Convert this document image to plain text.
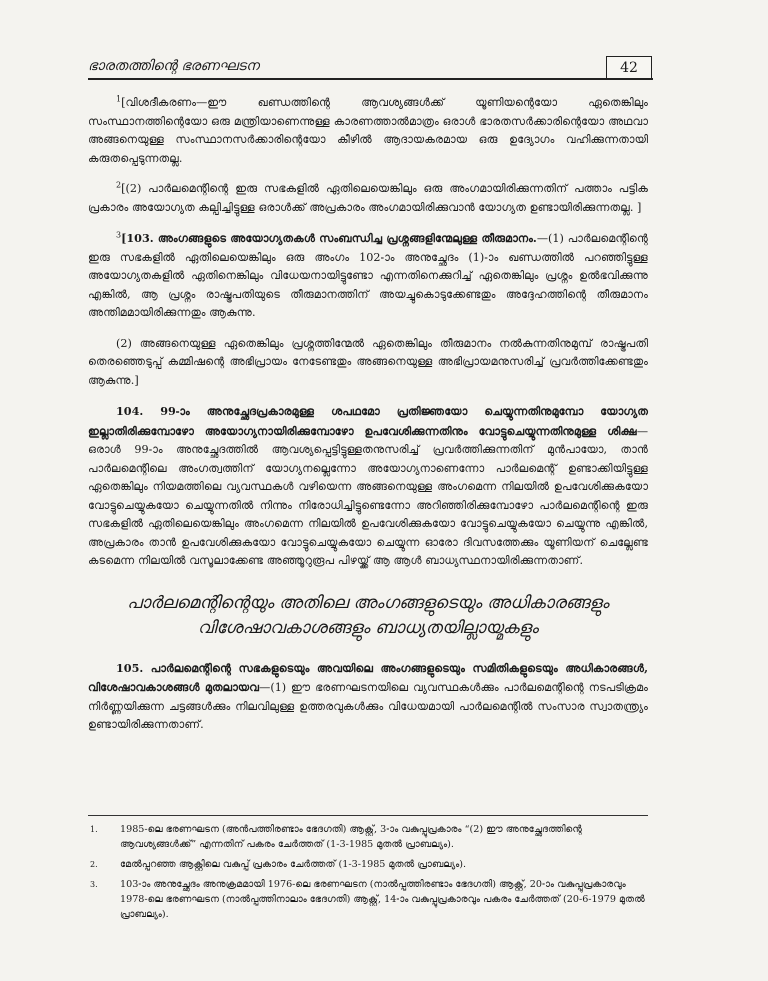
ഭാരതത്തിന്റെ ഭരണഘടന	42

$^1$[വിശദീകരണം—ഈ ഖണ്ഡത്തിന്റെ ആവശ്യങ്ങൾക്ക് യൂണിയന്റെയോ ഏതെങ്കിലും സംസ്ഥാനത്തിന്റെയോ ഒരു മന്ത്രിയാണെന്നുള്ള കാരണത്താൽമാത്രം ഒരാൾ ഭാരതസർക്കാരിന്റെയോ അഥവാ അങ്ങനെയുള്ള സംസ്ഥാനസർക്കാരിന്റെയോ കീഴിൽ ആദായകരമായ ഒരു ഉദ്യോഗം വഹിക്കുന്നതായി കരുതപ്പെടുന്നതല്ല.

$^2$[(2) പാർലമെന്റിന്റെ ഇരു സഭകളിൽ ഏതിലെയെങ്കിലും ഒരു അംഗമായിരിക്കുന്നതിന് പത്താം പട്ടിക പ്രകാരം അയോഗ്യത കല്പിച്ചിട്ടുള്ള ഒരാൾക്ക് അപ്രകാരം അംഗമായിരിക്കുവാൻ യോഗ്യത ഉണ്ടായിരിക്കുന്നതല്ല. ]

$^3$[103. അംഗങ്ങളുടെ അയോഗ്യതകൾ സംബന്ധിച്ച പ്രശ്നങ്ങളിന്മേലുള്ള തീരുമാനം.—(1) പാർലമെന്റിന്റെ ഇരു സഭകളിൽ ഏതിലെയെങ്കിലും ഒരു അംഗം 102-ാം അനുച്ഛേദം (1)-ാം ഖണ്ഡത്തിൽ പറഞ്ഞിട്ടുള്ള അയോഗ്യതകളിൽ ഏതിനെങ്കിലും വിധേയനായിട്ടുണ്ടോ എന്നതിനെക്കുറിച്ച് ഏതെങ്കിലും പ്രശ്നം ഉൽഭവിക്കുന്നു എങ്കിൽ, ആ പ്രശ്നം രാഷ്ട്രപതിയുടെ തീരുമാനത്തിന് അയച്ചുകൊടുക്കേണ്ടതും അദ്ദേഹത്തിന്റെ തീരുമാനം അന്തിമമായിരിക്കുന്നതും ആകുന്നു.

(2) അങ്ങനെയുള്ള ഏതെങ്കിലും പ്രശ്നത്തിന്മേൽ ഏതെങ്കിലും തീരുമാനം നൽകുന്നതിനുമുമ്പ് രാഷ്ട്രപതി തെരഞ്ഞെടുപ്പ് കമ്മിഷന്റെ അഭിപ്രായം നേടേണ്ടതും അങ്ങനെയുള്ള അഭിപ്രായമനുസരിച്ച് പ്രവർത്തിക്കേണ്ടതും ആകുന്നു.]

104. 99-ാം അനുച്ഛേദപ്രകാരമുള്ള ശപഥമോ പ്രതിജ്ഞയോ ചെയ്യുന്നതിനുമുമ്പോ യോഗ്യത ഇല്ലാതിരിക്കുമ്പോഴോ അയോഗ്യനായിരിക്കുമ്പോഴോ ഉപവേശിക്കുന്നതിനും വോട്ടുചെയ്യുന്നതിനുമുള്ള ശിക്ഷ—ഒരാൾ 99-ാം അനുച്ഛേദത്തിൽ ആവശ്യപ്പെട്ടിട്ടുള്ളതനുസരിച്ച് പ്രവർത്തിക്കുന്നതിന് മുൻപായോ, താൻ പാർലമെന്റിലെ അംഗത്വത്തിന് യോഗ്യനല്ലെന്നോ അയോഗ്യനാണെന്നോ പാർലമെന്റ് ഉണ്ടാക്കിയിട്ടുള്ള ഏതെങ്കിലും നിയമത്തിലെ വ്യവസ്ഥകൾ വഴിയെന്ന അങ്ങനെയുള്ള അംഗമെന്ന നിലയിൽ ഉപവേശിക്കുകയോ വോട്ടുചെയ്യുകയോ ചെയ്യുന്നതിൽ നിന്നും നിരോധിച്ചിട്ടുണ്ടെന്നോ അറിഞ്ഞിരിക്കുമ്പോഴോ പാർലമെന്റിന്റെ ഇരു സഭകളിൽ ഏതിലെയെങ്കിലും അംഗമെന്ന നിലയിൽ ഉപവേശിക്കുകയോ വോട്ടുചെയ്യുകയോ ചെയ്യുന്നു എങ്കിൽ, അപ്രകാരം താൻ ഉപവേശിക്കുകയോ വോട്ടുചെയ്യുകയോ ചെയ്യുന്ന ഓരോ ദിവസത്തേക്കും യൂണിയന് ചെല്ലേണ്ട കടമെന്ന നിലയിൽ വസൂലാക്കേണ്ട അഞ്ഞൂറുരൂപ പിഴയ്ക്ക് ആ ആൾ ബാധ്യസ്ഥനായിരിക്കുന്നതാണ്.

പാർലമെന്റിന്റെയും അതിലെ അംഗങ്ങളുടെയും അധികാരങ്ങളും
വിശേഷാവകാശങ്ങളും ബാധ്യതയില്ലായ്മകളും

105. പാർലമെന്റിന്റെ സഭകളുടെയും അവയിലെ അംഗങ്ങളുടെയും സമിതികളുടെയും അധികാരങ്ങൾ, വിശേഷാവകാശങ്ങൾ മുതലായവ—(1) ഈ ഭരണഘടനയിലെ വ്യവസ്ഥകൾക്കും പാർലമെന്റിന്റെ നടപടിക്രമം നിർണ്ണയിക്കുന്ന ചട്ടങ്ങൾക്കും നിലവിലുള്ള ഉത്തരവുകൾക്കും വിധേയമായി പാർലമെന്റിൽ സംസാര സ്വാതന്ത്ര്യം ഉണ്ടായിരിക്കുന്നതാണ്.

1.	1985-ലെ ഭരണഘടന (അൻപത്തിരണ്ടാം ഭേദഗതി) ആക്റ്റ്, 3-ാം വകുപ്പുപ്രകാരം “(2) ഈ അനുച്ഛേദത്തിന്റെ ആവശ്യങ്ങൾക്ക്” എന്നതിന് പകരം ചേർത്തത് (1-3-1985 മുതൽ പ്രാബല്യം).
2.	മേൽപ്പറഞ്ഞ ആക്റ്റിലെ വകുപ്പ് പ്രകാരം ചേർത്തത് (1-3-1985 മുതൽ പ്രാബല്യം).
3.	103-ാം അനുച്ഛേദം അനുക്രമമായി 1976-ലെ ഭരണഘടന (നാൽപ്പത്തിരണ്ടാം ഭേദഗതി) ആക്റ്റ്, 20-ാം വകുപ്പുപ്രകാരവും 1978-ലെ ഭരണഘടന (നാൽപ്പത്തിനാലാം ഭേദഗതി) ആക്റ്റ്, 14-ാം വകുപ്പുപ്രകാരവും പകരം ചേർത്തത് (20-6-1979 മുതൽ പ്രാബല്യം).
